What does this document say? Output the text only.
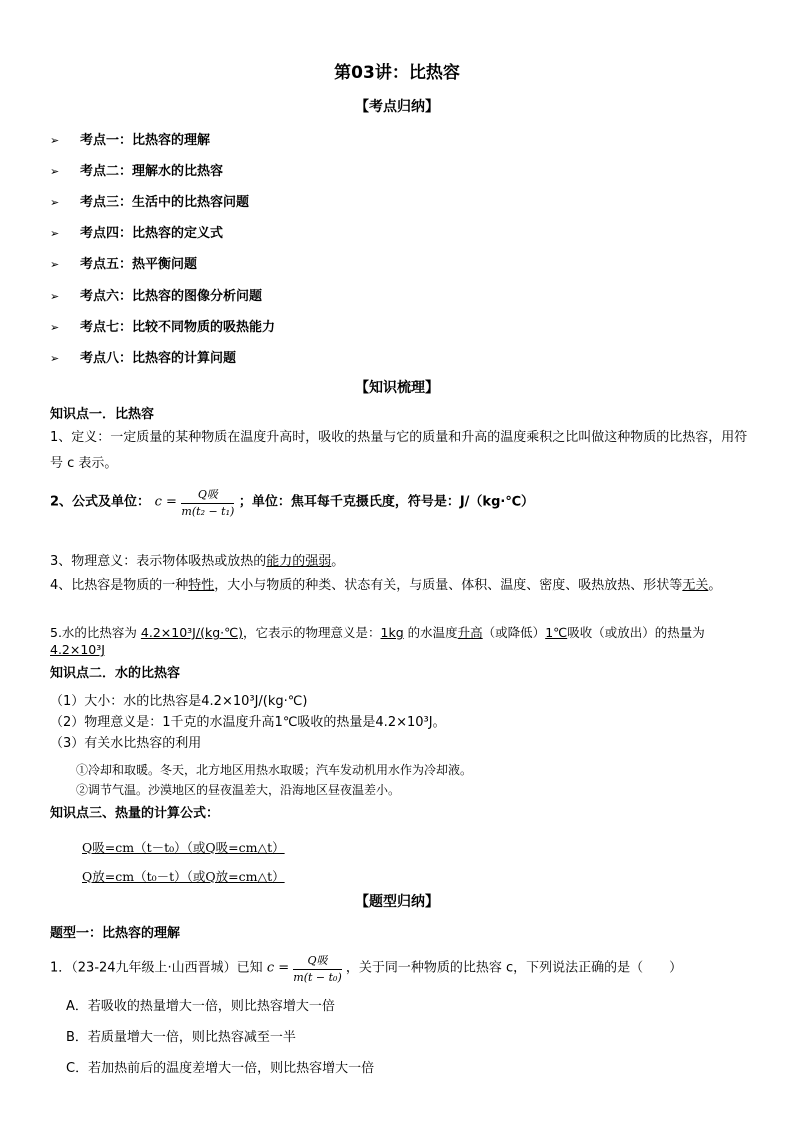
第03讲：比热容
【考点归纳】
➢ 考点一：比热容的理解
➢ 考点二：理解水的比热容
➢ 考点三：生活中的比热容问题
➢ 考点四：比热容的定义式
➢ 考点五：热平衡问题
➢ 考点六：比热容的图像分析问题
➢ 考点七：比较不同物质的吸热能力
➢ 考点八：比热容的计算问题
【知识梳理】
知识点一．比热容
1、定义：一定质量的某种物质在温度升高时，吸收的热量与它的质量和升高的温度乘积之比叫做这种物质的比热容，用符号 c 表示。
2、公式及单位： $c = \frac{\text{Q吸}}{\text{m(t₂ − t₁)}}$ ；单位：焦耳每千克摄氏度，符号是：J/（kg·℃）
3、物理意义：表示物体吸热或放热的能力的强弱。
4、比热容是物质的一种特性，大小与物质的种类、状态有关，与质量、体积、温度、密度、吸热放热、形状等无关。
5.水的比热容为 4.2×10³J/(kg·℃)，它表示的物理意义是：1kg 的水温度升高（或降低）1℃吸收（或放出）的热量为 4.2×10³J
知识点二．水的比热容
（1）大小：水的比热容是4.2×10³J/(kg·℃)
（2）物理意义是：1千克的水温度升高1℃吸收的热量是4.2×10³J。
（3）有关水比热容的利用
①冷却和取暖。冬天，北方地区用热水取暖；汽车发动机用水作为冷却液。
②调节气温。沙漠地区的昼夜温差大，沿海地区昼夜温差小。
知识点三、热量的计算公式：
Q吸=cm（t－t₀）（或Q吸=cm△t）
Q放=cm（t₀－t）（或Q放=cm△t）
【题型归纳】
题型一：比热容的理解
1．（23-24九年级上·山西晋城）已知 $c = \frac{\text{Q吸}}{\text{m(t − t₀)}}$ ，关于同一种物质的比热容 c，下列说法正确的是（　　）
A．若吸收的热量增大一倍，则比热容增大一倍
B．若质量增大一倍，则比热容减至一半
C．若加热前后的温度差增大一倍，则比热容增大一倍
